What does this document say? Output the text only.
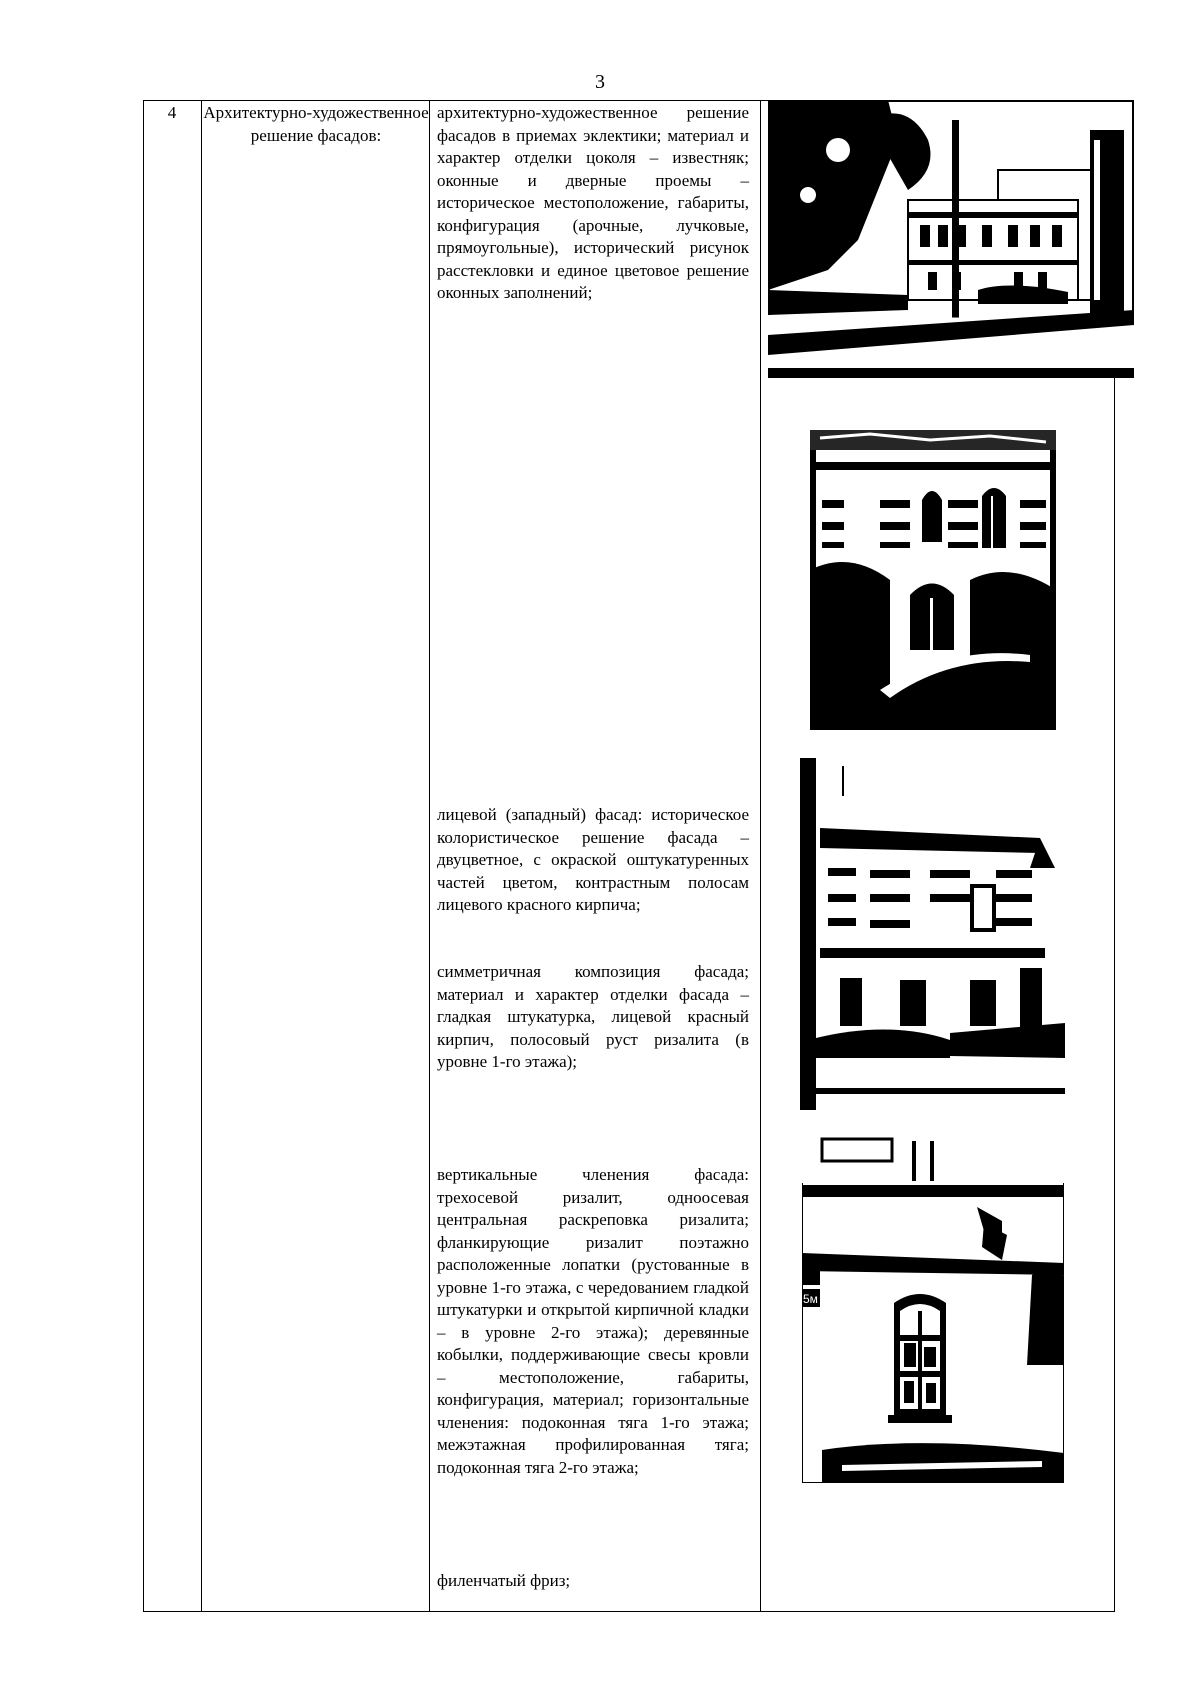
3
4	Архитектурно-художественное решение фасадов:

архитектурно-художественное решение фасадов в приемах эклектики; материал и характер отделки цоколя – известняк; оконные и дверные проемы – историческое местоположение, габариты, конфигурация (арочные, лучковые, прямоугольные), исторический рисунок расстекловки и единое цветовое решение оконных заполнений;

лицевой (западный) фасад: историческое колористическое решение фасада – двуцветное, с окраской оштукатуренных частей цветом, контрастным полосам лицевого красного кирпича;

симметричная композиция фасада; материал и характер отделки фасада – гладкая штукатурка, лицевой красный кирпич, полосовый руст ризалита (в уровне 1-го этажа);

вертикальные членения фасада: трехосевой ризалит, одноосевая центральная раскреповка ризалита; фланкирующие ризалит поэтажно расположенные лопатки (рустованные в уровне 1-го этажа, с чередованием гладкой штукатурки и открытой кирпичной кладки – в уровне 2-го этажа); деревянные кобылки, поддерживающие свесы кровли – местоположение, габариты, конфигурация, материал; горизонтальные членения: подоконная тяга 1-го этажа; межэтажная профилированная тяга; подоконная тяга 2-го этажа;

филенчатый фриз;

5м
